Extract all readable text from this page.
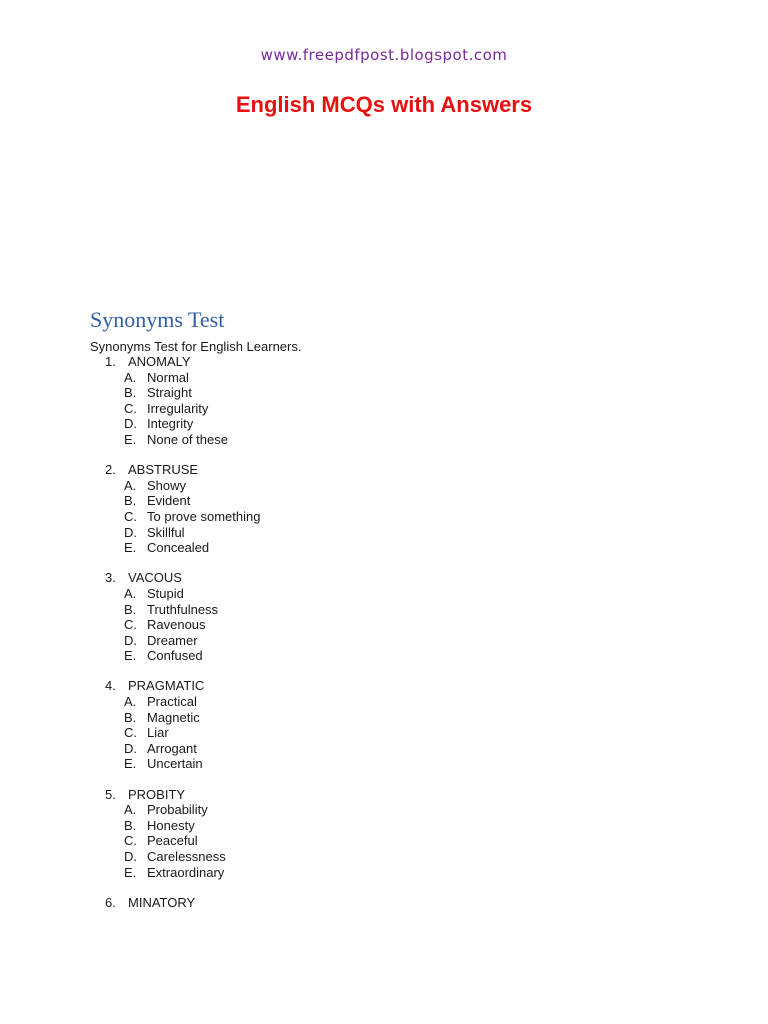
www.freepdfpost.blogspot.com
English MCQs with Answers
Synonyms Test
Synonyms Test for English Learners.
1. ANOMALY
A. Normal
B. Straight
C. Irregularity
D. Integrity
E. None of these
2. ABSTRUSE
A. Showy
B. Evident
C. To prove something
D. Skillful
E. Concealed
3. VACOUS
A. Stupid
B. Truthfulness
C. Ravenous
D. Dreamer
E. Confused
4. PRAGMATIC
A. Practical
B. Magnetic
C. Liar
D. Arrogant
E. Uncertain
5. PROBITY
A. Probability
B. Honesty
C. Peaceful
D. Carelessness
E. Extraordinary
6. MINATORY
